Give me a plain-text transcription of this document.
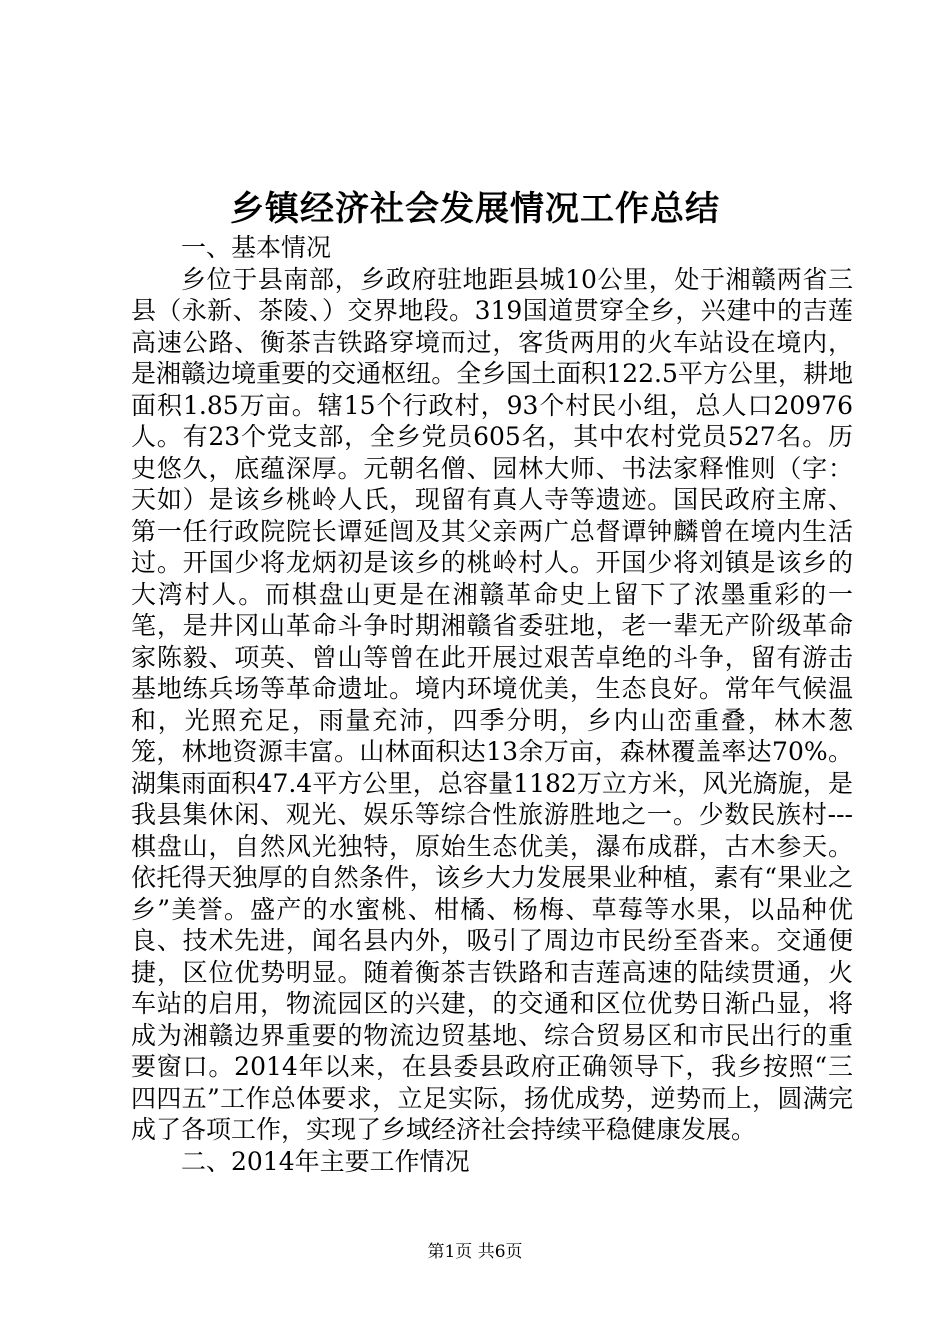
乡镇经济社会发展情况工作总结

一、基本情况

乡位于县南部，乡政府驻地距县城10公里，处于湘赣两省三县（永新、茶陵、）交界地段。319国道贯穿全乡，兴建中的吉莲高速公路、衡茶吉铁路穿境而过，客货两用的火车站设在境内，是湘赣边境重要的交通枢纽。全乡国土面积122.5平方公里，耕地面积1.85万亩。辖15个行政村，93个村民小组，总人口20976人。有23个党支部，全乡党员605名，其中农村党员527名。历史悠久，底蕴深厚。元朝名僧、园林大师、书法家释惟则（字：天如）是该乡桃岭人氏，现留有真人寺等遗迹。国民政府主席、第一任行政院院长谭延闿及其父亲两广总督谭钟麟曾在境内生活过。开国少将龙炳初是该乡的桃岭村人。开国少将刘镇是该乡的大湾村人。而棋盘山更是在湘赣革命史上留下了浓墨重彩的一笔，是井冈山革命斗争时期湘赣省委驻地，老一辈无产阶级革命家陈毅、项英、曾山等曾在此开展过艰苦卓绝的斗争，留有游击基地练兵场等革命遗址。境内环境优美，生态良好。常年气候温和，光照充足，雨量充沛，四季分明，乡内山峦重叠，林木葱笼，林地资源丰富。山林面积达13余万亩，森林覆盖率达70%。湖集雨面积47.4平方公里，总容量1182万立方米，风光旖旎，是我县集休闲、观光、娱乐等综合性旅游胜地之一。少数民族村---棋盘山，自然风光独特，原始生态优美，瀑布成群，古木参天。依托得天独厚的自然条件，该乡大力发展果业种植，素有“果业之乡”美誉。盛产的水蜜桃、柑橘、杨梅、草莓等水果，以品种优良、技术先进，闻名县内外，吸引了周边市民纷至沓来。交通便捷，区位优势明显。随着衡茶吉铁路和吉莲高速的陆续贯通，火车站的启用，物流园区的兴建，的交通和区位优势日渐凸显，将成为湘赣边界重要的物流边贸基地、综合贸易区和市民出行的重要窗口。2014年以来，在县委县政府正确领导下，我乡按照“三四四五”工作总体要求，立足实际，扬优成势，逆势而上，圆满完成了各项工作，实现了乡域经济社会持续平稳健康发展。

二、2014年主要工作情况

第1页 共6页
